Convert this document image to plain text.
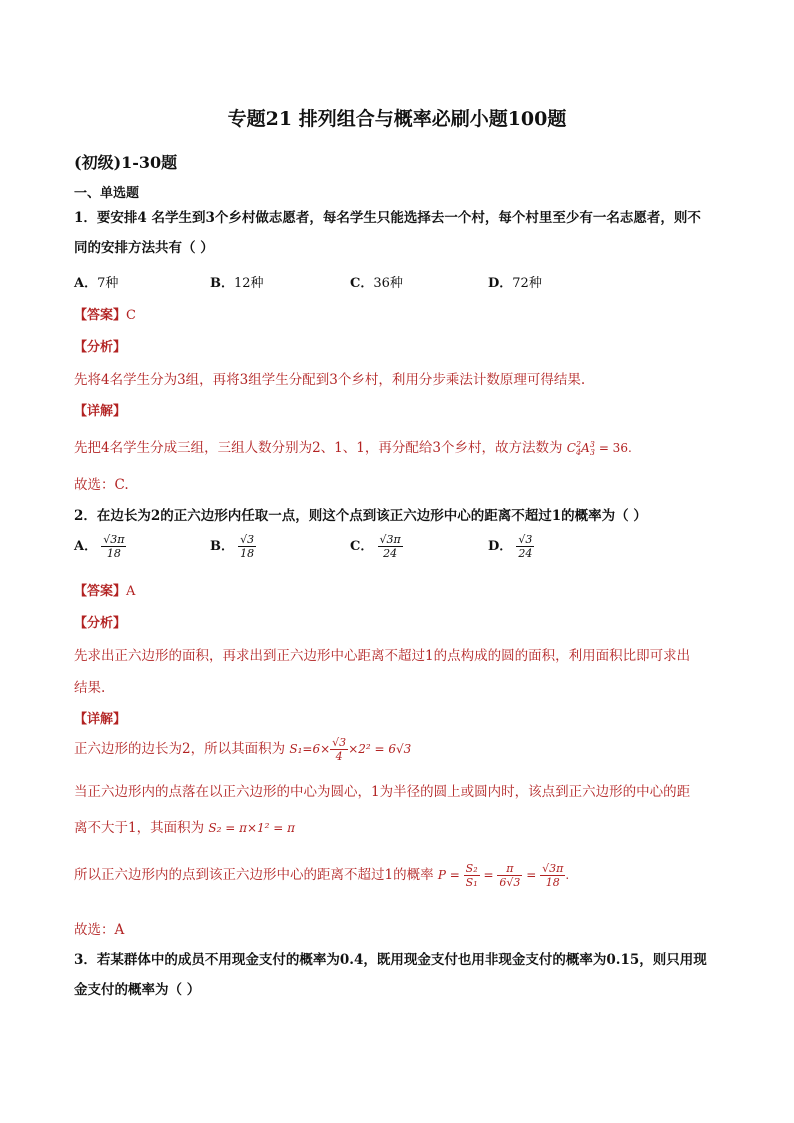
专题21 排列组合与概率必刷小题100题
(初级)1-30题
一、单选题
1．要安排4 名学生到3个乡村做志愿者，每名学生只能选择去一个村，每个村里至少有一名志愿者，则不
同的安排方法共有（ ）
A．7种	B．12种	C．36种	D．72种
【答案】C
【分析】
先将4名学生分为3组，再将3组学生分配到3个乡村，利用分步乘法计数原理可得结果.
【详解】
先把4名学生分成三组，三组人数分别为2、1、1，再分配给3个乡村，故方法数为 $C^2_4A^3_3 = 36$.
故选：C.
2．在边长为2的正六边形内任取一点，则这个点到该正六边形中心的距离不超过1的概率为（ ）
A． $\frac{√3\pi}{18}$	B． $\frac{√3}{18}$	C． $\frac{√3\pi}{24}$	D． $\frac{√3}{24}$
【答案】A
【分析】
先求出正六边形的面积，再求出到正六边形中心距离不超过1的点构成的圆的面积，利用面积比即可求出
结果.
【详解】
正六边形的边长为2，所以其面积为 $S_1=6\times \frac{√3}{4} \times 2^2 = 6√3$
当正六边形内的点落在以正六边形的中心为圆心，1为半径的圆上或圆内时，该点到正六边形的中心的距
离不大于1，其面积为 S₂ = π×1² = π
所以正六边形内的点到该正六边形中心的距离不超过1的概率 $P = \frac{\text{S₂}}{\text{S₁}} = \frac{\pi}{6√3} = \frac{√3\pi}{18}$ .
故选：A
3．若某群体中的成员不用现金支付的概率为0.4，既用现金支付也用非现金支付的概率为0.15，则只用现
金支付的概率为（ ）
